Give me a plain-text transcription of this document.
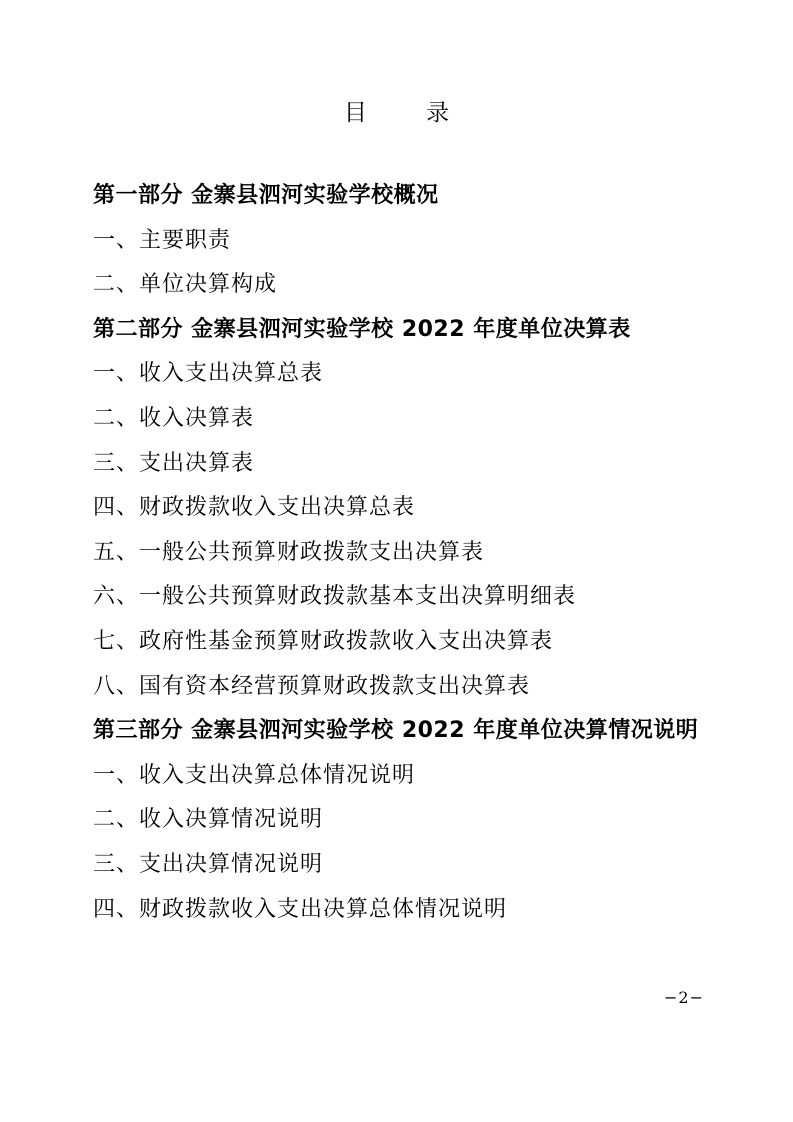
目 录
第一部分 金寨县泗河实验学校概况
一、主要职责
二、单位决算构成
第二部分 金寨县泗河实验学校 2022 年度单位决算表
一、收入支出决算总表
二、收入决算表
三、支出决算表
四、财政拨款收入支出决算总表
五、一般公共预算财政拨款支出决算表
六、一般公共预算财政拨款基本支出决算明细表
七、政府性基金预算财政拨款收入支出决算表
八、国有资本经营预算财政拨款支出决算表
第三部分 金寨县泗河实验学校 2022 年度单位决算情况说明
一、收入支出决算总体情况说明
二、收入决算情况说明
三、支出决算情况说明
四、财政拨款收入支出决算总体情况说明
−2−
